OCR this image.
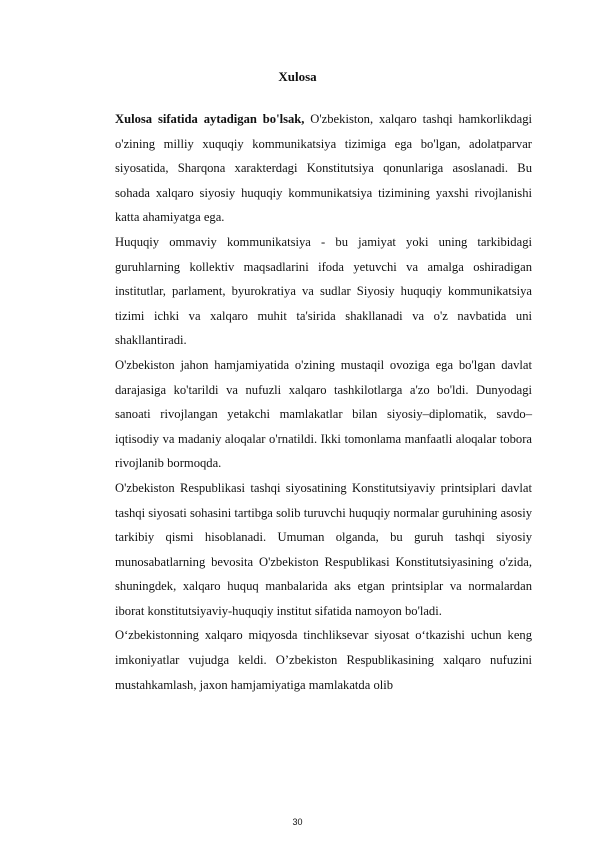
Xulosa

Xulosa sifatida aytadigan bo'lsak, O'zbekiston, xalqaro tashqi hamkorlikdagi o'zining milliy xuquqiy kommunikatsiya tizimiga ega bo'lgan, adolatparvar siyosatida, Sharqona xarakterdagi Konstitutsiya qonunlariga asoslanadi. Bu sohada xalqaro siyosiy huquqiy kommunikatsiya tizimining yaxshi rivojlanishi katta ahamiyatga ega.

Huquqiy ommaviy kommunikatsiya - bu jamiyat yoki uning tarkibidagi guruhlarning kollektiv maqsadlarini ifoda yetuvchi va amalga oshiradigan institutlar, parlament, byurokratiya va sudlar Siyosiy huquqiy kommunikatsiya tizimi ichki va xalqaro muhit ta'sirida shakllanadi va o'z navbatida uni shakllantiradi.

O'zbekiston jahon hamjamiyatida o'zining mustaqil ovoziga ega bo'lgan davlat darajasiga ko'tarildi va nufuzli xalqaro tashkilotlarga a'zo bo'ldi. Dunyodagi sanoati rivojlangan yetakchi mamlakatlar bilan siyosiy–diplomatik, savdo–iqtisodiy va madaniy aloqalar o'rnatildi. Ikki tomonlama manfaatli aloqalar tobora rivojlanib bormoqda.

O'zbekiston Respublikasi tashqi siyosatining Konstitutsiyaviy printsiplari davlat tashqi siyosati sohasini tartibga solib turuvchi huquqiy normalar guruhining asosiy tarkibiy qismi hisoblanadi. Umuman olganda, bu guruh tashqi siyosiy munosabatlarning bevosita O'zbekiston Respublikasi Konstitutsiyasining o'zida, shuningdek, xalqaro huquq manbalarida aks etgan printsiplar va normalardan iborat konstitutsiyaviy-huquqiy institut sifatida namoyon bo'ladi.

O‘zbekistonning xalqaro miqyosda tinchliksevar siyosat o‘tkazishi uchun keng imkoniyatlar vujudga keldi. O’zbekiston Respublikasining xalqaro nufuzini mustahkamlash, jaxon hamjamiyatiga mamlakatda olib

30
